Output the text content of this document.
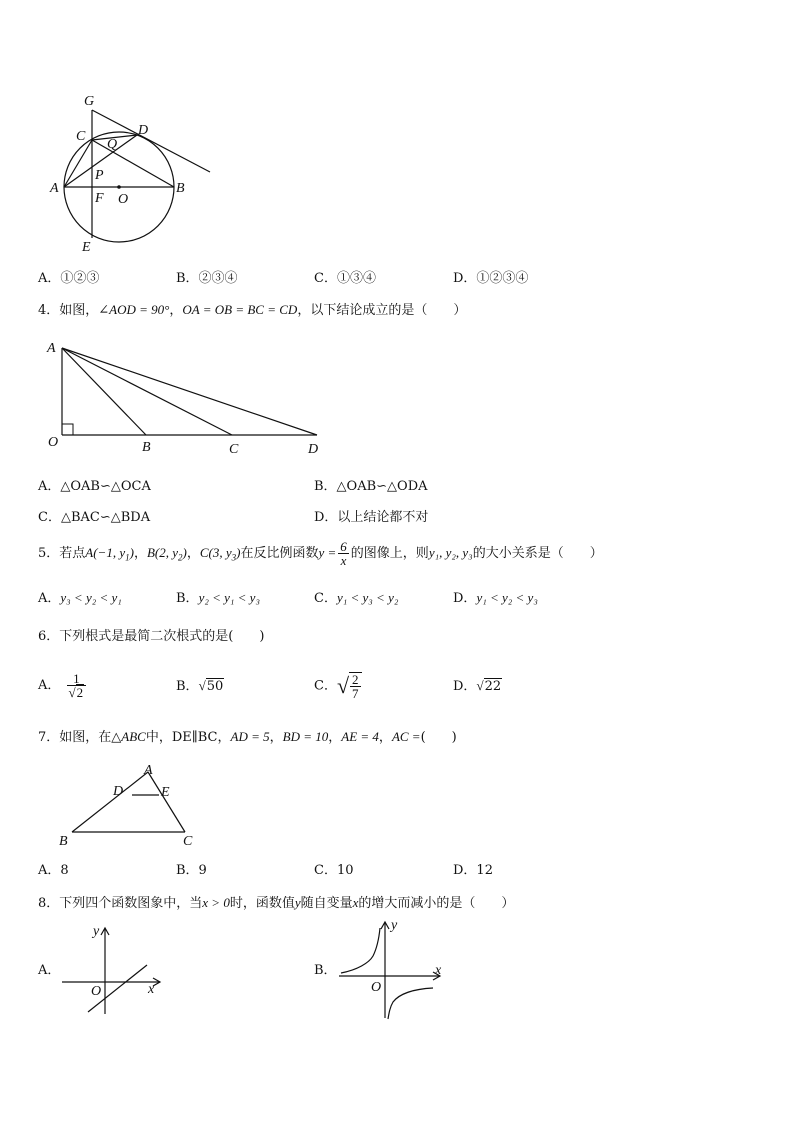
G
C	D
Q
A
P
F O
B
E
A．①②③	B．②③④	C．①③④	D．①②③④
4．如图，∠AOD = 90°，OA = OB = BC = CD，以下结论成立的是（　　）
A
O	B	C	D
A．△OAB∽△OCA	B．△OAB∽△ODA
C．△BAC∽△BDA	D．以上结论都不对
5．若点A(−1, $y_1$)，B(2, $y_2$)，C(3, $y_3$)在反比例函数$y = \frac{6}{x}$ 的图像上，则y₁, y₂, y₃的大小关系是（　　）
A．y₃ < y₂ < y₁	B．y₂ < y₁ < y₃	C．y₁ < y₃ < y₂	D．y₁ < y₂ < y₃
6．下列根式是最简二次根式的是(　　)
A． $\frac{1}{√2}$	B．√50	C．√ $\frac{2}{7}$	D．√22
7．如图，在△ABC中，DE∥BC，AD = 5，BD = 10，AE = 4，AC =(　　)
A
D	E
B	C
A．8	B．9	C．10	D．12
8．下列四个函数图象中，当x > 0时，函数值y随自变量x的增大而减小的是（　　）
A．
y
x
O
B．
y
x
O
